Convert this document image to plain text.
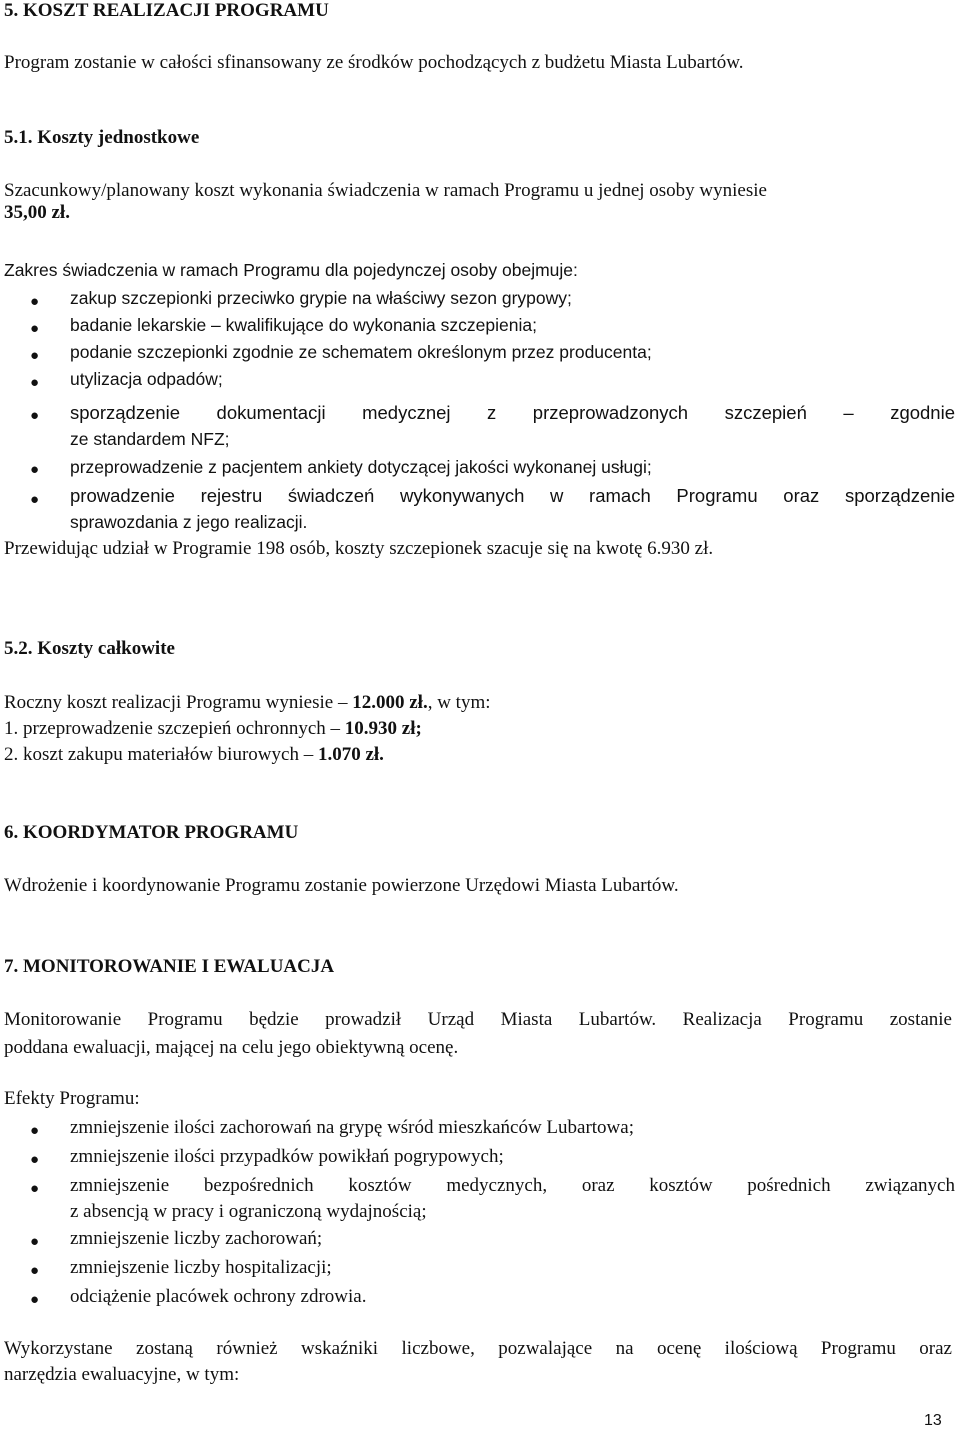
5. KOSZT REALIZACJI PROGRAMU
Program zostanie w całości sfinansowany ze środków pochodzących z budżetu Miasta Lubartów.
5.1. Koszty jednostkowe
Szacunkowy/planowany koszt wykonania świadczenia w ramach Programu u jednej osoby wyniesie
35,00 zł.
Zakres świadczenia w ramach Programu dla pojedynczej osoby obejmuje:
● zakup szczepionki przeciwko grypie na właściwy sezon grypowy;
● badanie lekarskie – kwalifikujące do wykonania szczepienia;
● podanie szczepionki zgodnie ze schematem określonym przez producenta;
● utylizacja odpadów;
● sporządzenie dokumentacji medycznej z przeprowadzonych szczepień – zgodnie
ze standardem NFZ;
● przeprowadzenie z pacjentem ankiety dotyczącej jakości wykonanej usługi;
● prowadzenie rejestru świadczeń wykonywanych w ramach Programu oraz sporządzenie
sprawozdania z jego realizacji.
Przewidując udział w Programie 198 osób, koszty szczepionek szacuje się na kwotę 6.930 zł.
5.2. Koszty całkowite
Roczny koszt realizacji Programu wyniesie – 12.000 zł., w tym:
1. przeprowadzenie szczepień ochronnych – 10.930 zł;
2. koszt zakupu materiałów biurowych – 1.070 zł.
6. KOORDYMATOR PROGRAMU
Wdrożenie i koordynowanie Programu zostanie powierzone Urzędowi Miasta Lubartów.
7. MONITOROWANIE I EWALUACJA
Monitorowanie Programu będzie prowadził Urząd Miasta Lubartów. Realizacja Programu zostanie
poddana ewaluacji, mającej na celu jego obiektywną ocenę.
Efekty Programu:
● zmniejszenie ilości zachorowań na grypę wśród mieszkańców Lubartowa;
● zmniejszenie ilości przypadków powikłań pogrypowych;
● zmniejszenie bezpośrednich kosztów medycznych, oraz kosztów pośrednich związanych
z absencją w pracy i ograniczoną wydajnością;
● zmniejszenie liczby zachorowań;
● zmniejszenie liczby hospitalizacji;
● odciążenie placówek ochrony zdrowia.
Wykorzystane zostaną również wskaźniki liczbowe, pozwalające na ocenę ilościową Programu oraz
narzędzia ewaluacyjne, w tym:
13
